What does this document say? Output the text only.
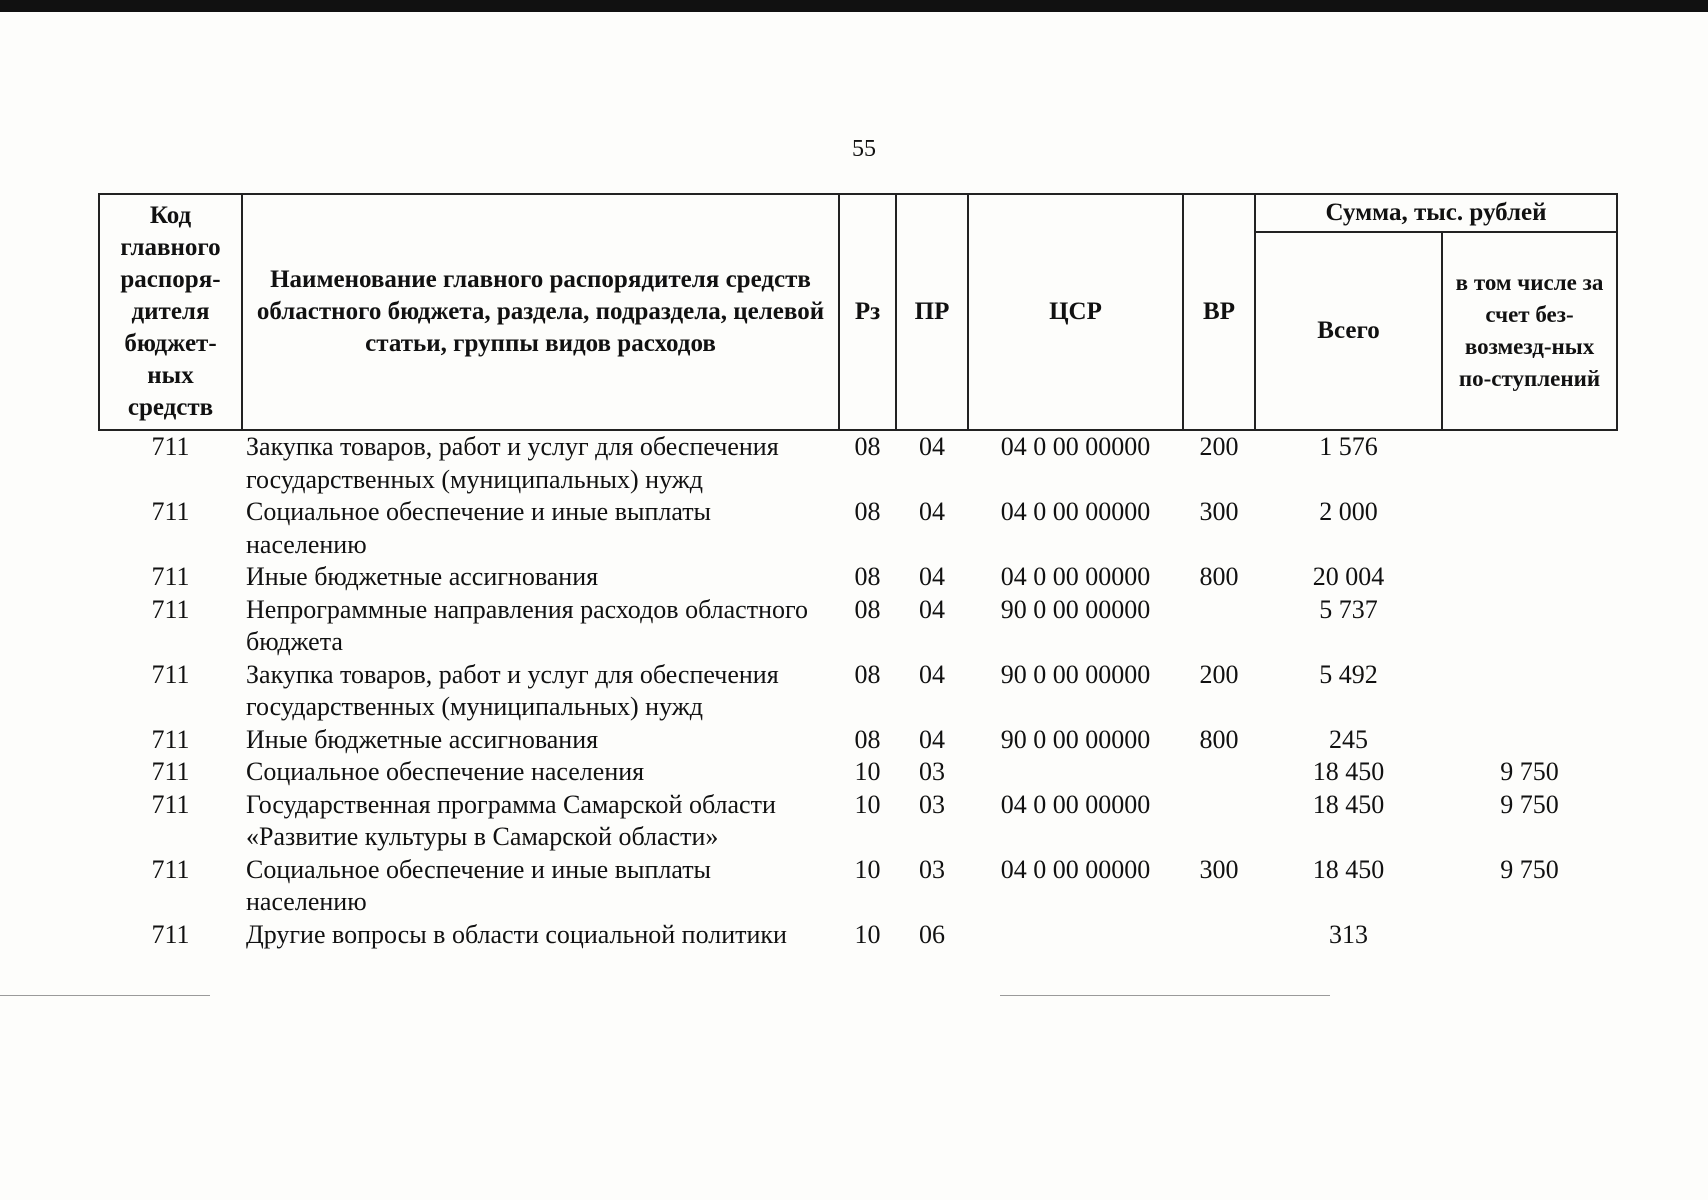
55
Код главного распоря-дителя бюджет-ных средств	Наименование главного распорядителя средств областного бюджета, раздела, подраздела, целевой статьи, группы видов расходов	Рз	ПР	ЦСР	ВР	Сумма, тыс. рублей	
						Всего	в том числе за счет без-возмезд-ных по-ступлений
711	Закупка товаров, работ и услуг для обеспечения государственных (муниципальных) нужд	08	04	04 0 00 00000	200	1 576	
711	Социальное обеспечение и иные выплаты населению	08	04	04 0 00 00000	300	2 000	
711	Иные бюджетные ассигнования	08	04	04 0 00 00000	800	20 004	
711	Непрограммные направления расходов областного бюджета	08	04	90 0 00 00000		5 737	
711	Закупка товаров, работ и услуг для обеспечения государственных (муниципальных) нужд	08	04	90 0 00 00000	200	5 492	
711	Иные бюджетные ассигнования	08	04	90 0 00 00000	800	245	
711	Социальное обеспечение населения	10	03			18 450	9 750
711	Государственная программа Самарской области «Развитие культуры в Самарской области»	10	03	04 0 00 00000		18 450	9 750
711	Социальное обеспечение и иные выплаты населению	10	03	04 0 00 00000	300	18 450	9 750
711	Другие вопросы в области социальной политики	10	06			313	
